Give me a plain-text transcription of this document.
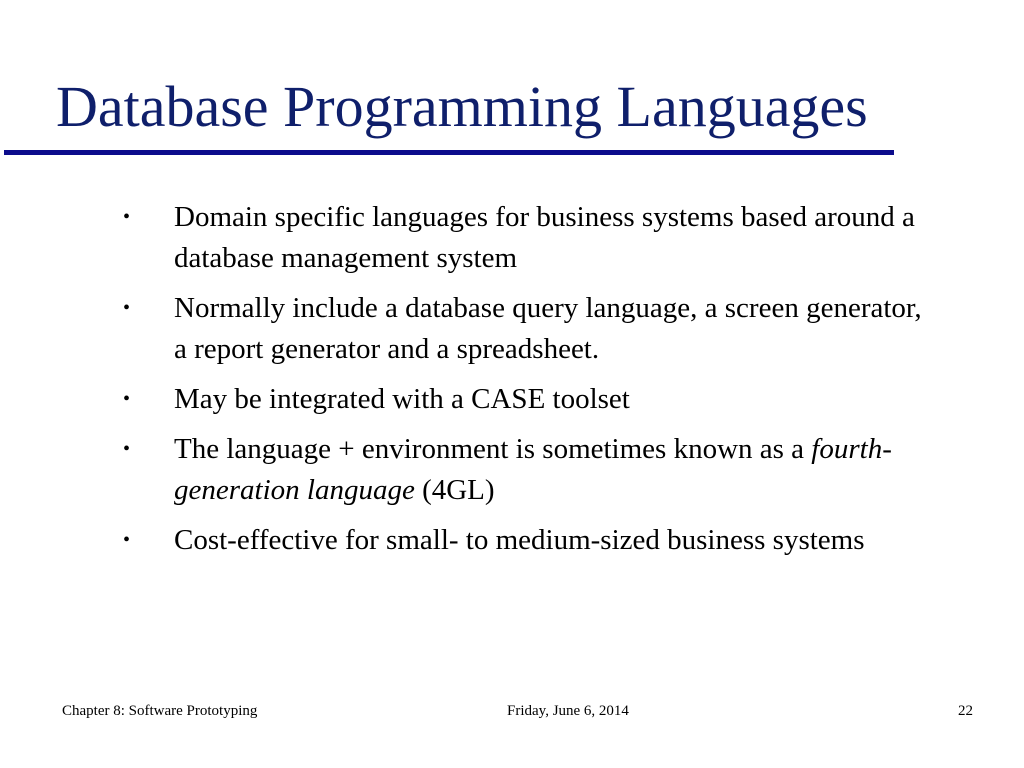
Database Programming Languages
• Domain specific languages for business systems based around a database management system
• Normally include a database query language, a screen generator, a report generator and a spreadsheet.
• May be integrated with a CASE toolset
• The language + environment is sometimes known as a fourth-generation language (4GL)
• Cost-effective for small- to medium-sized business systems
Chapter 8: Software Prototyping	Friday, June 6, 2014	22
